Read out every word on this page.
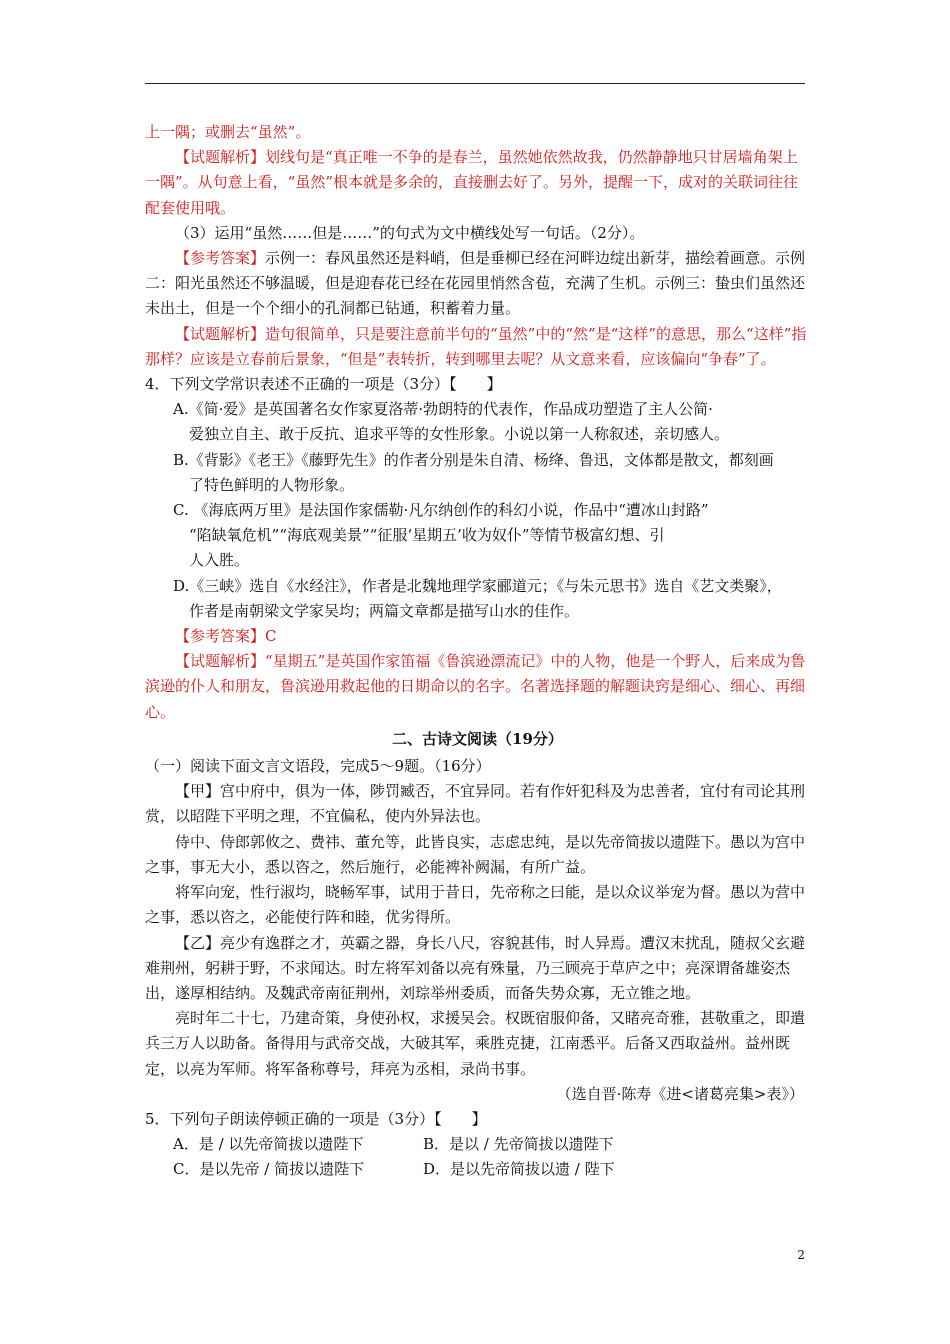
上一隅；或删去“虽然”。

【试题解析】划线句是“真正唯一不争的是春兰，虽然她依然故我，仍然静静地只甘居墙角架上一隅”。从句意上看，“虽然”根本就是多余的，直接删去好了。另外，提醒一下，成对的关联词往往配套使用哦。

（3）运用“虽然……但是……”的句式为文中横线处写一句话。（2分）。

【参考答案】示例一：春风虽然还是料峭，但是垂柳已经在河畔边绽出新芽，描绘着画意。示例二：阳光虽然还不够温暖，但是迎春花已经在花园里悄然含苞，充满了生机。示例三：蛰虫们虽然还未出土，但是一个个细小的孔洞都已钻通，积蓄着力量。

【试题解析】造句很简单，只是要注意前半句的“虽然”中的“然”是“这样”的意思，那么“这样”指那样？应该是立春前后景象，“但是”表转折，转到哪里去呢？从文意来看，应该偏向“争春”了。

4．下列文学常识表述不正确的一项是（3分）【　　】

A.《简·爱》是英国著名女作家夏洛蒂·勃朗特的代表作，作品成功塑造了主人公简·

爱独立自主、敢于反抗、追求平等的女性形象。小说以第一人称叙述，亲切感人。

B.《背影》《老王》《藤野先生》的作者分别是朱自清、杨绛、鲁迅，文体都是散文，都刻画

了特色鲜明的人物形象。

C. 《海底两万里》是法国作家儒勒·凡尔纳创作的科幻小说，作品中“遭冰山封路”

“陷缺氧危机”“海底观美景”“征服‘星期五’收为奴仆”等情节极富幻想、引

人入胜。

D.《三峡》选自《水经注》，作者是北魏地理学家郦道元；《与朱元思书》选自《艺文类聚》，

作者是南朝梁文学家吴均；两篇文章都是描写山水的佳作。

【参考答案】C

【试题解析】“星期五”是英国作家笛福《鲁滨逊漂流记》中的人物，他是一个野人，后来成为鲁滨逊的仆人和朋友，鲁滨逊用救起他的日期命以的名字。名著选择题的解题诀窍是细心、细心、再细心。

二、古诗文阅读（19分）

（一）阅读下面文言文语段，完成5～9题。（16分）

【甲】宫中府中，俱为一体，陟罚臧否，不宜异同。若有作奸犯科及为忠善者，宜付有司论其刑赏，以昭陛下平明之理，不宜偏私，使内外异法也。

侍中、侍郎郭攸之、费祎、董允等，此皆良实，志虑忠纯，是以先帝简拔以遗陛下。愚以为宫中之事，事无大小，悉以咨之，然后施行，必能裨补阙漏，有所广益。

将军向宠，性行淑均，晓畅军事，试用于昔日，先帝称之曰能，是以众议举宠为督。愚以为营中之事，悉以咨之，必能使行阵和睦，优劣得所。

【乙】亮少有逸群之才，英霸之器，身长八尺，容貌甚伟，时人异焉。遭汉末扰乱，随叔父玄避难荆州，躬耕于野，不求闻达。时左将军刘备以亮有殊量，乃三顾亮于草庐之中；亮深谓备雄姿杰出，遂厚相结纳。及魏武帝南征荆州，刘琮举州委质，而备失势众寡，无立锥之地。

亮时年二十七，乃建奇策，身使孙权，求援吴会。权既宿服仰备，又睹亮奇雅，甚敬重之，即遣兵三万人以助备。备得用与武帝交战，大破其军，乘胜克捷，江南悉平。后备又西取益州。益州既定，以亮为军师。将军备称尊号，拜亮为丞相，录尚书事。

（选自晋·陈寿《进<诸葛亮集>表》）

5．下列句子朗读停顿正确的一项是（3分）【　　】

A．是 / 以先帝简拔以遗陛下	B．是以 / 先帝简拔以遗陛下
C．是以先帝 / 简拔以遗陛下	D．是以先帝简拔以遗 / 陛下
2
